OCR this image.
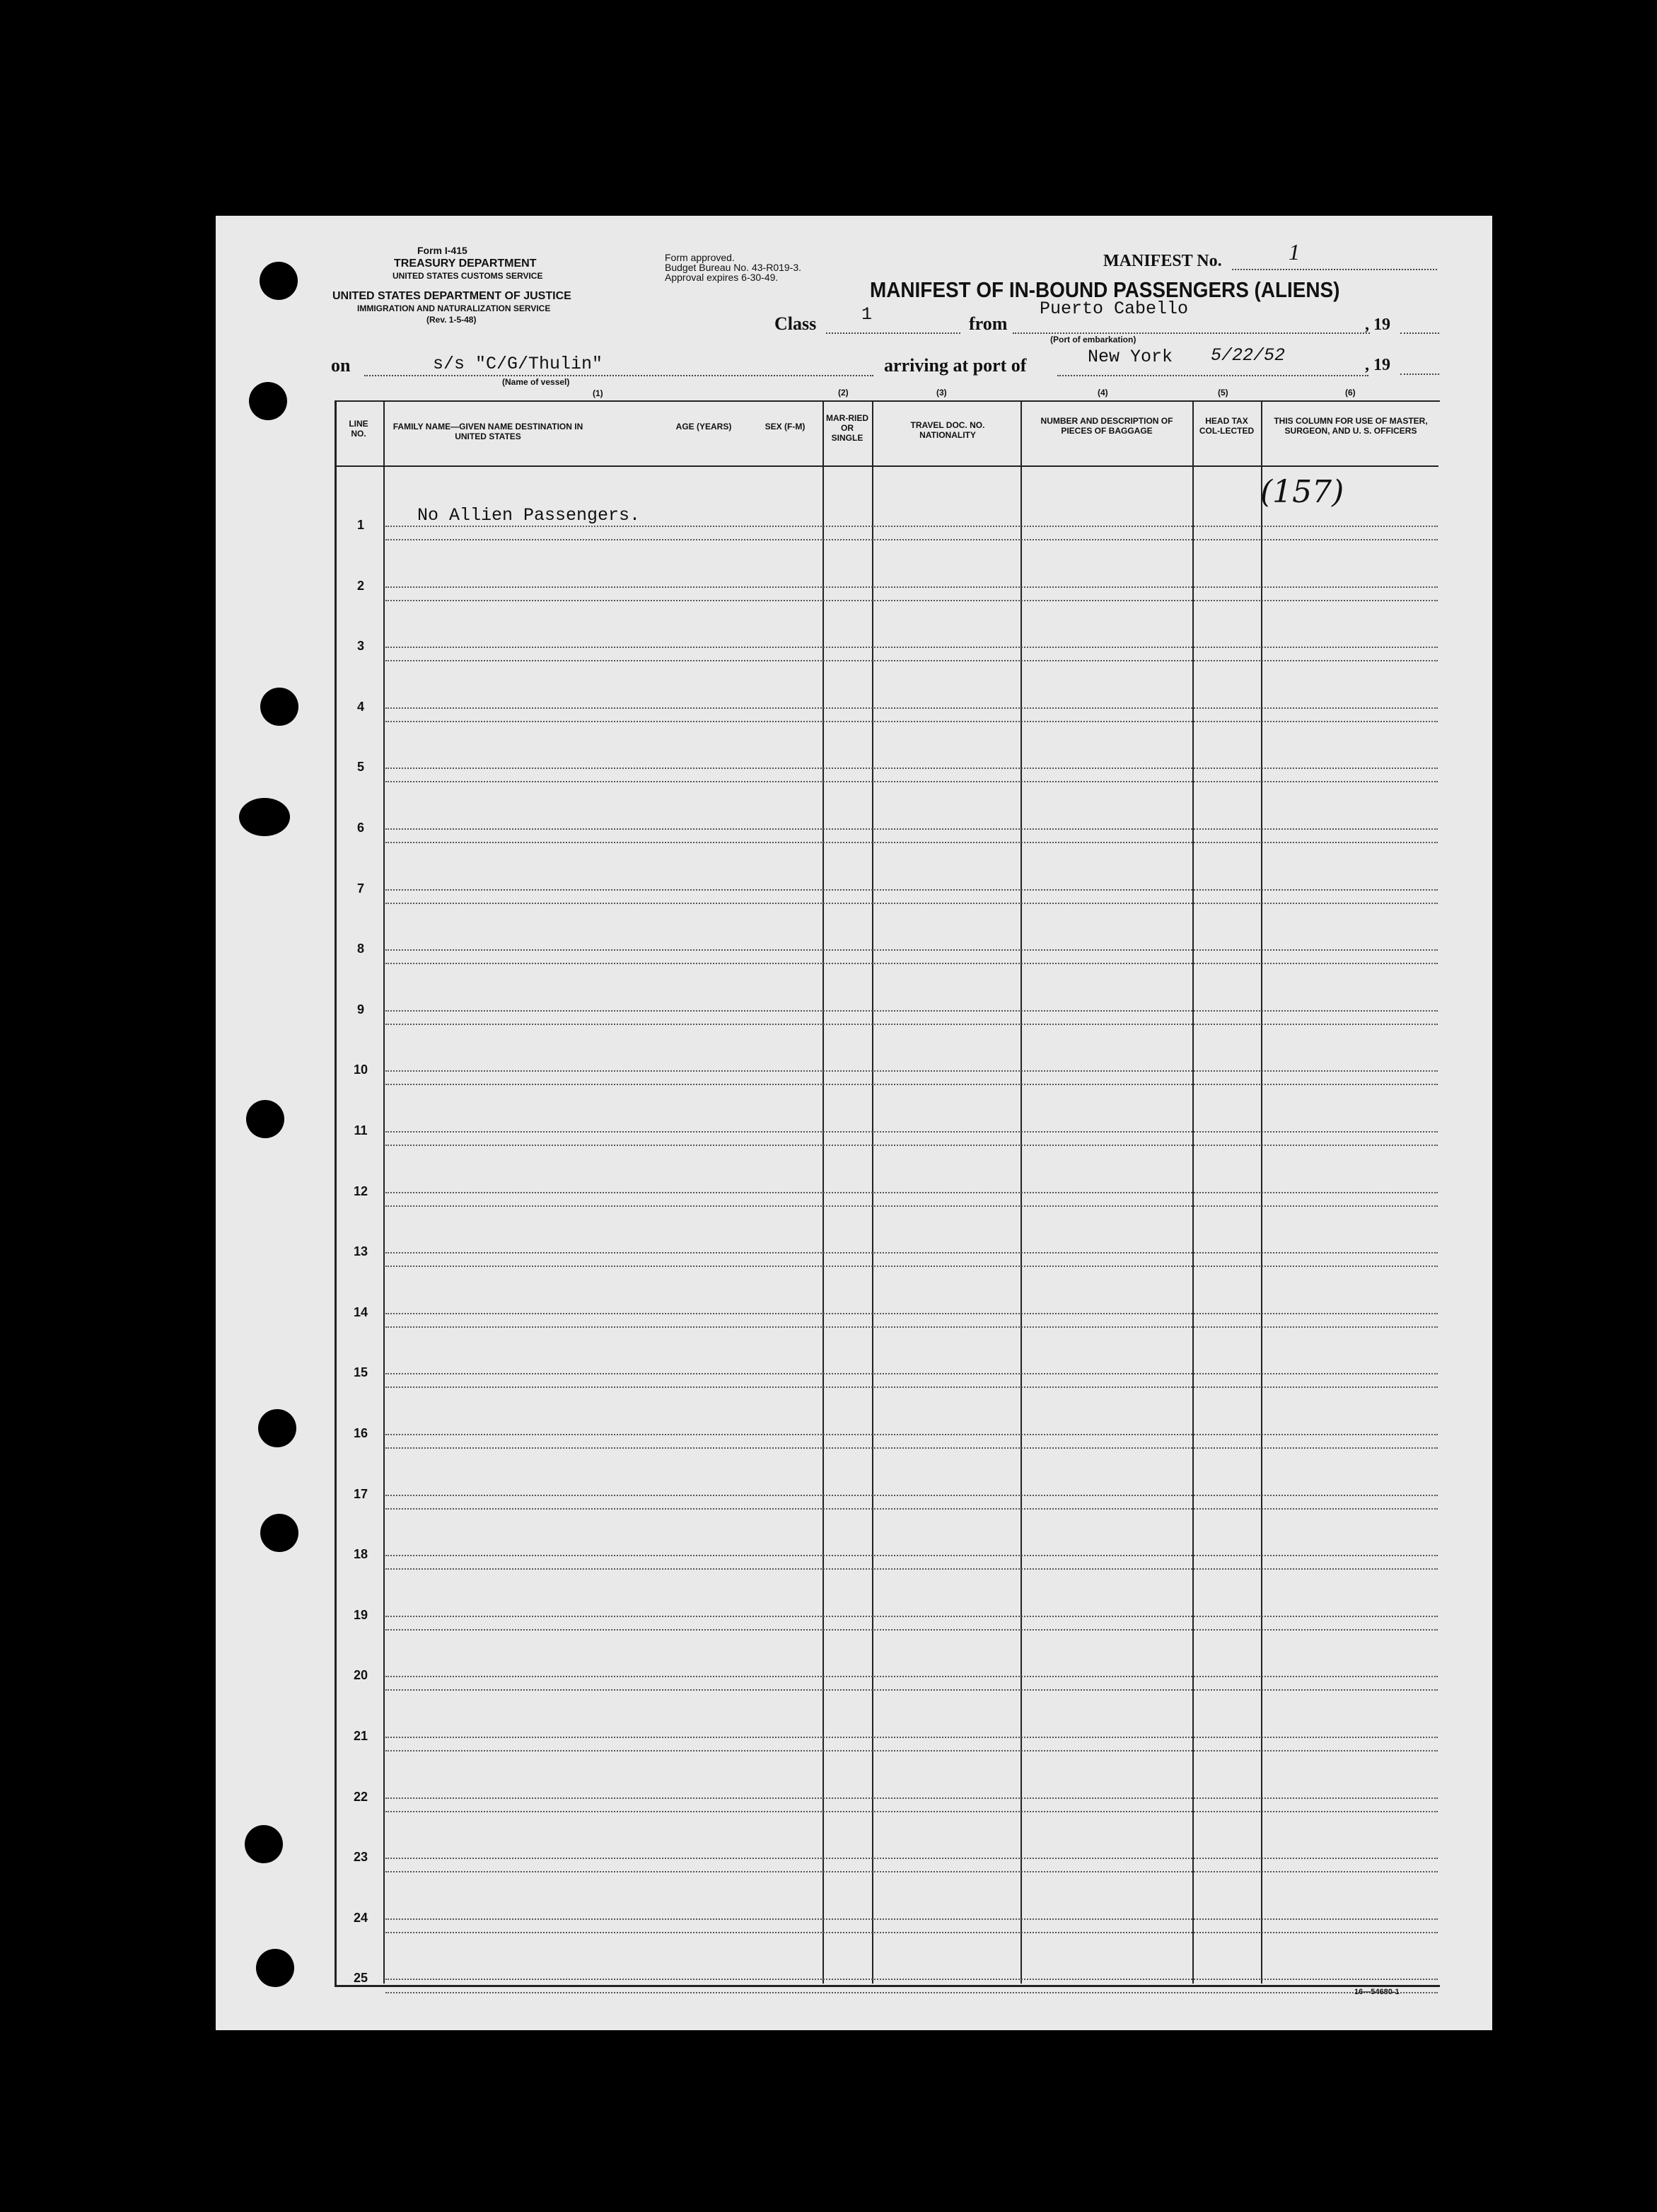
Form I-415
TREASURY DEPARTMENT
UNITED STATES CUSTOMS SERVICE
UNITED STATES DEPARTMENT OF JUSTICE
IMMIGRATION AND NATURALIZATION SERVICE
(Rev. 1-5-48)
Form approved.
Budget Bureau No. 43-R019-3.
Approval expires 6-30-49.
MANIFEST No.	1
MANIFEST OF IN-BOUND PASSENGERS (ALIENS)
Class	1	from
Puerto Cabello
(Port of embarkation)
, 19
on	s/s "C/G/Thulin"
(Name of vessel)
(1)
arriving at port of	New York 5/22/52	, 19
(2)	(3)	(4)	(5)	(6)
LINE NO.
FAMILY NAME—GIVEN NAME DESTINATION IN UNITED STATES
AGE (YEARS)	SEX (F-M)
MAR-RIED OR SINGLE
TRAVEL DOC. NO. NATIONALITY
NUMBER AND DESCRIPTION OF PIECES OF BAGGAGE
HEAD TAX COL-LECTED
THIS COLUMN FOR USE OF MASTER, SURGEON, AND U. S. OFFICERS
(157)
1	No Allien Passengers.
2
3
4
5
6
7
8
9
10
11
12
13
14
15
16
17
18
19
20
21
22
23
24
25
16—54680-1
